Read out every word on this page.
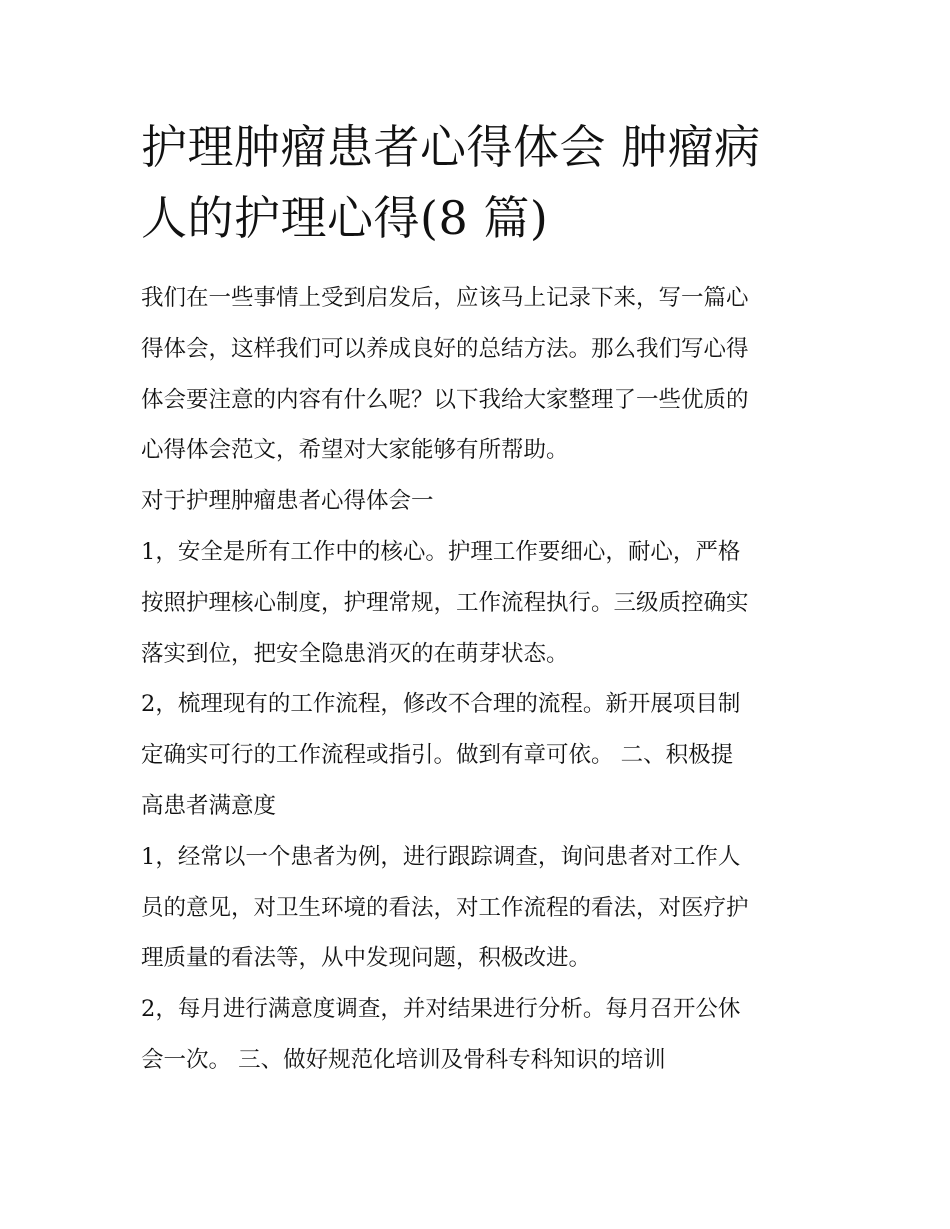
护理肿瘤患者心得体会 肿瘤病
人的护理心得(8 篇)
我们在一些事情上受到启发后，应该马上记录下来，写一篇心
得体会，这样我们可以养成良好的总结方法。那么我们写心得
体会要注意的内容有什么呢？以下我给大家整理了一些优质的
心得体会范文，希望对大家能够有所帮助。
对于护理肿瘤患者心得体会一
1，安全是所有工作中的核心。护理工作要细心，耐心，严格
按照护理核心制度，护理常规，工作流程执行。三级质控确实
落实到位，把安全隐患消灭的在萌芽状态。
2，梳理现有的工作流程，修改不合理的流程。新开展项目制
定确实可行的工作流程或指引。做到有章可依。 二、积极提
高患者满意度
1，经常以一个患者为例，进行跟踪调查，询问患者对工作人
员的意见，对卫生环境的看法，对工作流程的看法，对医疗护
理质量的看法等，从中发现问题，积极改进。
2，每月进行满意度调查，并对结果进行分析。每月召开公休
会一次。 三、做好规范化培训及骨科专科知识的培训
